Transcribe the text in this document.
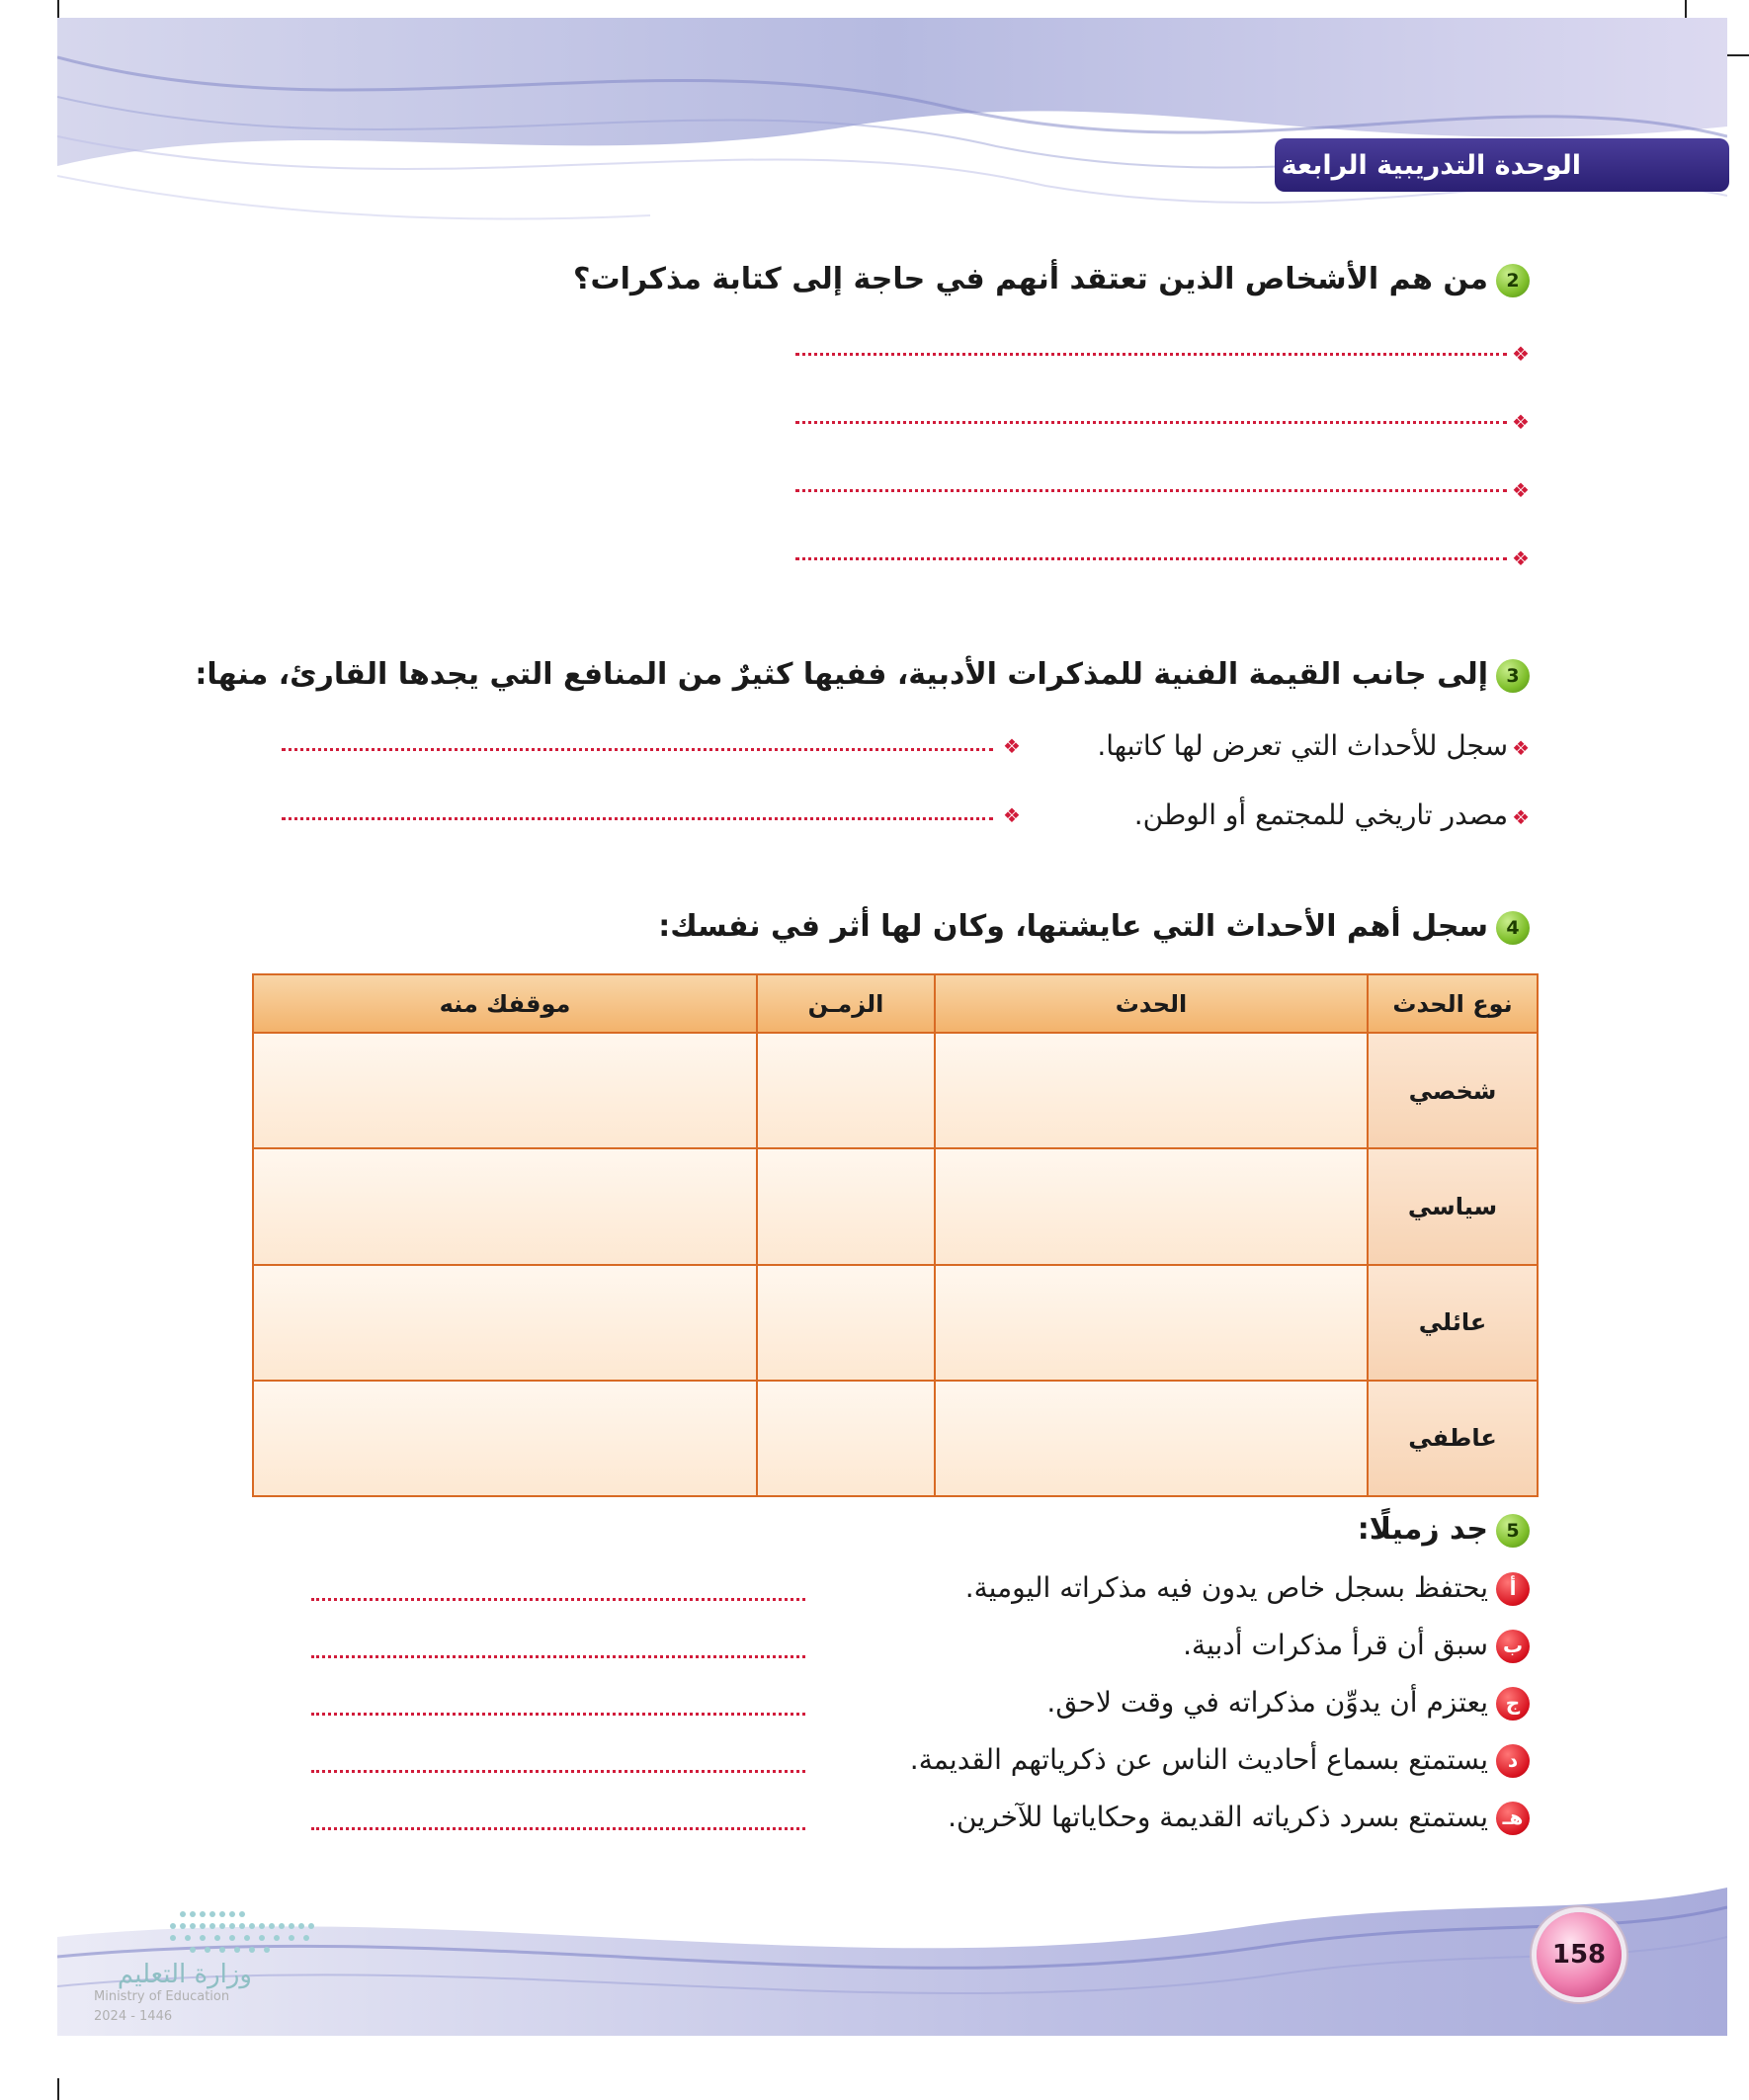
الوحدة التدريبية الرابعة
2من هم الأشخاص الذين تعتقد أنهم في حاجة إلى كتابة مذكرات؟
❖
❖
❖
❖
3إلى جانب القيمة الفنية للمذكرات الأدبية، ففيها كثيرٌ من المنافع التي يجدها القارئ، منها:
❖سجل للأحداث التي تعرض لها كاتبها.
❖
❖مصدر تاريخي للمجتمع أو الوطن.
❖
4سجل أهم الأحداث التي عايشتها، وكان لها أثر في نفسك:
نوع الحدث	الحدث	الزمـن	موقفك منه
شخصي			
سياسي			
عائلي			
عاطفي			
5جد زميلًا:
أيحتفظ بسجل خاص يدون فيه مذكراته اليومية.
بسبق أن قرأ مذكرات أدبية.
جيعتزم أن يدوِّن مذكراته في وقت لاحق.
ديستمتع بسماع أحاديث الناس عن ذكرياتهم القديمة.
هـيستمتع بسرد ذكرياته القديمة وحكاياتها للآخرين.
وزارة التعليم
Ministry of Education
2024 - 1446
158
